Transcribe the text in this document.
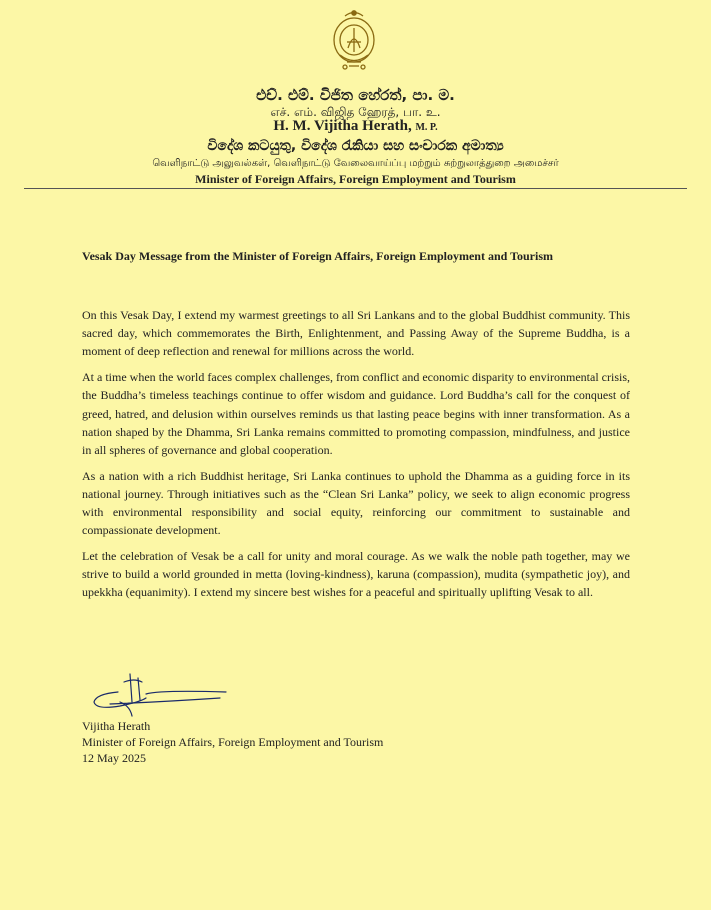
එච්. එම්. විජිත හේරත්, පා. ම.
எச். எம். விஜித ஹேரத், பா. உ.
H. M. Vijitha Herath, M. P.
විදේශ කටයුතු, විදේශ රැකියා සහ සංචාරක අමාත්‍ය
வெளிநாட்டு அலுவல்கள், வெளிநாட்டு வேலைவாய்ப்பு மற்றும் சுற்றுலாத்துறை அமைச்சர்
Minister of Foreign Affairs, Foreign Employment and Tourism
Vesak Day Message from the Minister of Foreign Affairs, Foreign Employment and Tourism

On this Vesak Day, I extend my warmest greetings to all Sri Lankans and to the global Buddhist community. This sacred day, which commemorates the Birth, Enlightenment, and Passing Away of the Supreme Buddha, is a moment of deep reflection and renewal for millions across the world.

At a time when the world faces complex challenges, from conflict and economic disparity to environmental crisis, the Buddha’s timeless teachings continue to offer wisdom and guidance. Lord Buddha’s call for the conquest of greed, hatred, and delusion within ourselves reminds us that lasting peace begins with inner transformation. As a nation shaped by the Dhamma, Sri Lanka remains committed to promoting compassion, mindfulness, and justice in all spheres of governance and global cooperation.

As a nation with a rich Buddhist heritage, Sri Lanka continues to uphold the Dhamma as a guiding force in its national journey. Through initiatives such as the “Clean Sri Lanka” policy, we seek to align economic progress with environmental responsibility and social equity, reinforcing our commitment to sustainable and compassionate development.

Let the celebration of Vesak be a call for unity and moral courage. As we walk the noble path together, may we strive to build a world grounded in metta (loving-kindness), karuna (compassion), mudita (sympathetic joy), and upekkha (equanimity). I extend my sincere best wishes for a peaceful and spiritually uplifting Vesak to all.

Vijitha Herath
Minister of Foreign Affairs, Foreign Employment and Tourism
12 May 2025
